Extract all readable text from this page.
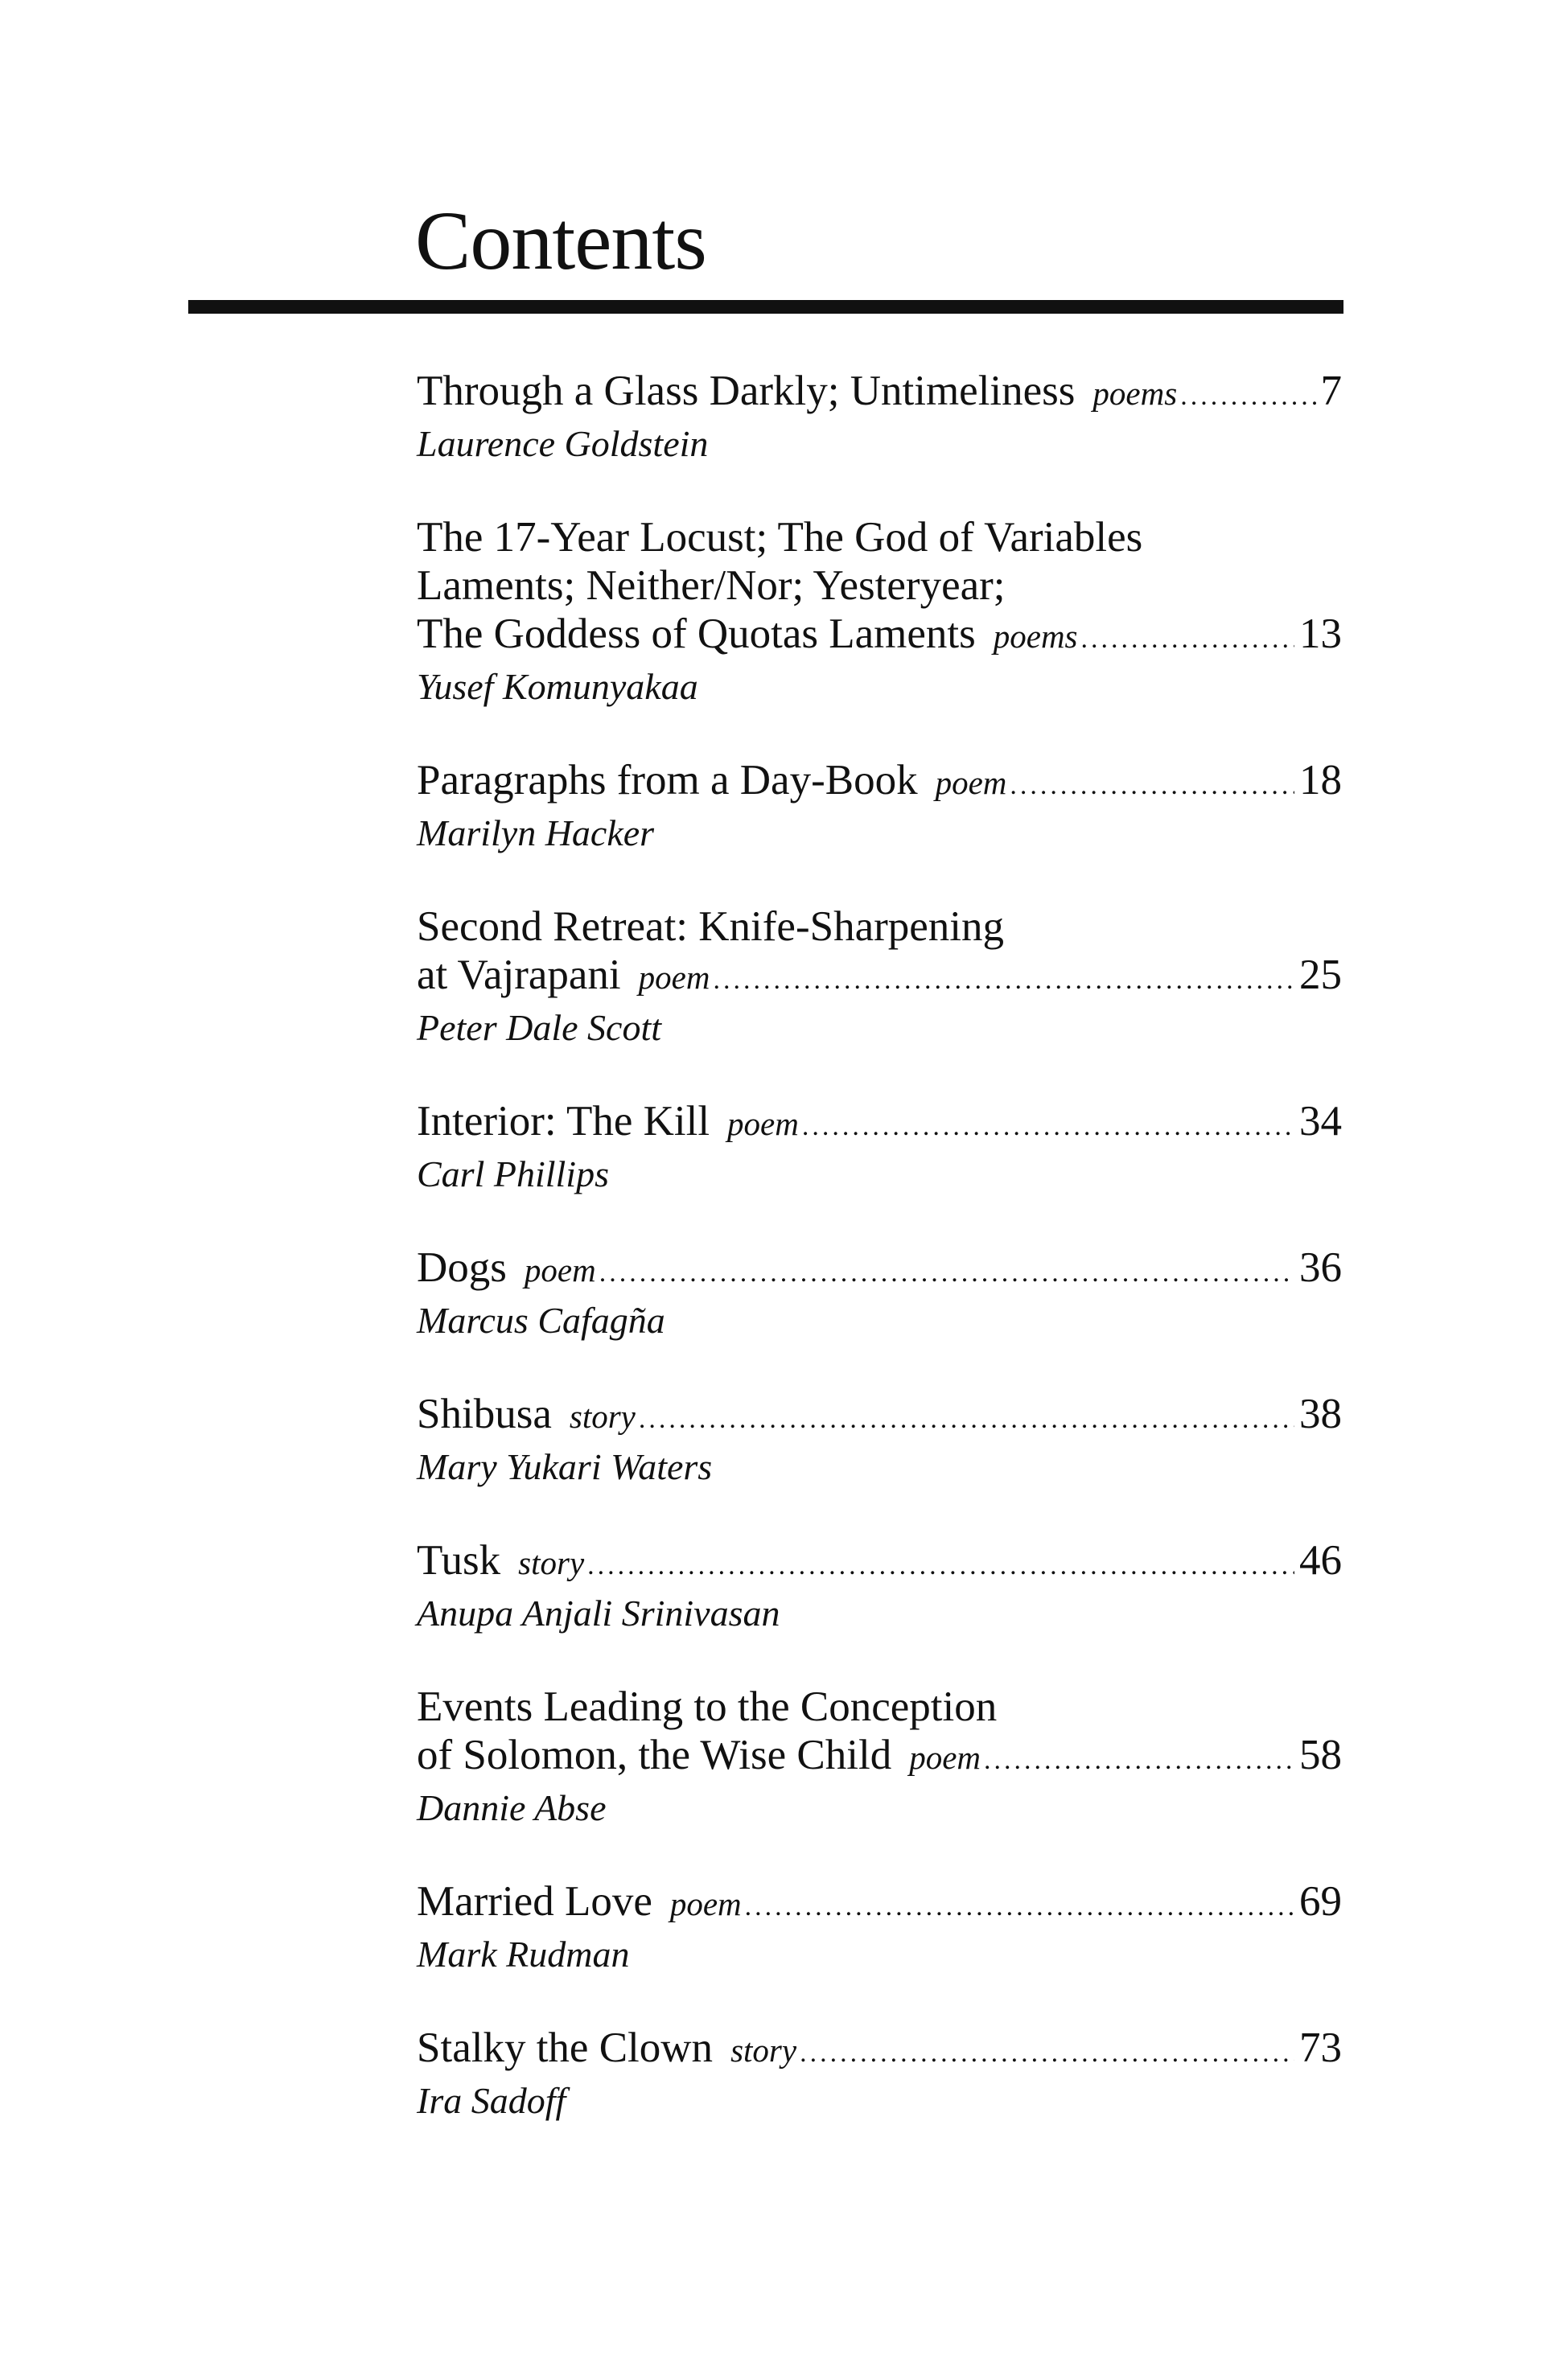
Contents
Through a Glass Darkly; Untimeliness poems .....	7
Laurence Goldstein
The 17-Year Locust; The God of Variables
Laments; Neither/Nor; Yesteryear;
The Goddess of Quotas Laments poems .....	13
Yusef Komunyakaa
Paragraphs from a Day-Book poem .....	18
Marilyn Hacker
Second Retreat: Knife-Sharpening
at Vajrapani poem .....	25
Peter Dale Scott
Interior: The Kill poem .....	34
Carl Phillips
Dogs poem .....	36
Marcus Cafagña
Shibusa story .....	38
Mary Yukari Waters
Tusk story .....	46
Anupa Anjali Srinivasan
Events Leading to the Conception
of Solomon, the Wise Child poem .....	58
Dannie Abse
Married Love poem .....	69
Mark Rudman
Stalky the Clown story .....	73
Ira Sadoff
